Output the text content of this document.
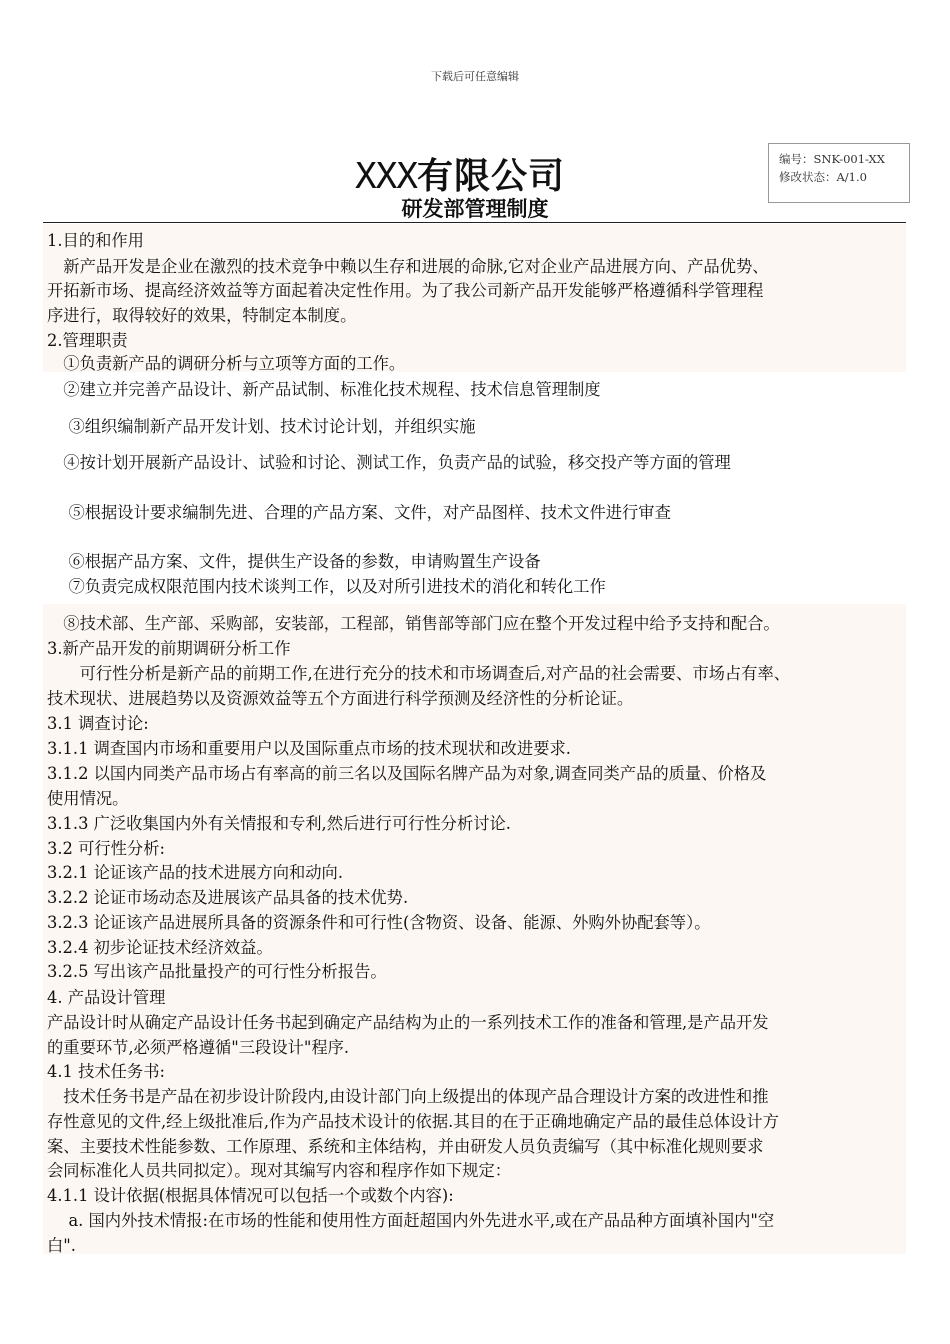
下载后可任意编辑
XXX有限公司
研发部管理制度
编号：SNK-001-XX
修改状态：A/1.0
1.目的和作用
　新产品开发是企业在激烈的技术竞争中赖以生存和进展的命脉,它对企业产品进展方向、产品优势、
开拓新市场、提高经济效益等方面起着决定性作用。为了我公司新产品开发能够严格遵循科学管理程
序进行，取得较好的效果，特制定本制度。
2.管理职责
　①负责新产品的调研分析与立项等方面的工作。
　②建立并完善产品设计、新产品试制、标准化技术规程、技术信息管理制度
　 ③组织编制新产品开发计划、技术讨论计划，并组织实施
　④按计划开展新产品设计、试验和讨论、测试工作，负责产品的试验，移交投产等方面的管理
　 ⑤根据设计要求编制先进、合理的产品方案、文件，对产品图样、技术文件进行审查
　 ⑥根据产品方案、文件，提供生产设备的参数，申请购置生产设备
　 ⑦负责完成权限范围内技术谈判工作，以及对所引进技术的消化和转化工作
　⑧技术部、生产部、采购部，安装部，工程部，销售部等部门应在整个开发过程中给予支持和配合。
3.新产品开发的前期调研分析工作
　　可行性分析是新产品的前期工作,在进行充分的技术和市场调查后,对产品的社会需要、市场占有率、
技术现状、进展趋势以及资源效益等五个方面进行科学预测及经济性的分析论证。
3.1 调查讨论:
3.1.1 调查国内市场和重要用户以及国际重点市场的技术现状和改进要求.
3.1.2 以国内同类产品市场占有率高的前三名以及国际名牌产品为对象,调查同类产品的质量、价格及
使用情况。
3.1.3 广泛收集国内外有关情报和专利,然后进行可行性分析讨论.
3.2 可行性分析:
3.2.1 论证该产品的技术进展方向和动向.
3.2.2 论证市场动态及进展该产品具备的技术优势.
3.2.3 论证该产品进展所具备的资源条件和可行性(含物资、设备、能源、外购外协配套等）。
3.2.4 初步论证技术经济效益。
3.2.5 写出该产品批量投产的可行性分析报告。
4. 产品设计管理
产品设计时从确定产品设计任务书起到确定产品结构为止的一系列技术工作的准备和管理,是产品开发
的重要环节,必须严格遵循"三段设计"程序.
4.1 技术任务书:
　技术任务书是产品在初步设计阶段内,由设计部门向上级提出的体现产品合理设计方案的改进性和推
存性意见的文件,经上级批准后,作为产品技术设计的依据.其目的在于正确地确定产品的最佳总体设计方
案、主要技术性能参数、工作原理、系统和主体结构，并由研发人员负责编写（其中标准化规则要求
会同标准化人员共同拟定）。现对其编写内容和程序作如下规定：
4.1.1 设计依据(根据具体情况可以包括一个或数个内容):
　 a. 国内外技术情报:在市场的性能和使用性方面赶超国内外先进水平,或在产品品种方面填补国内"空
白".
